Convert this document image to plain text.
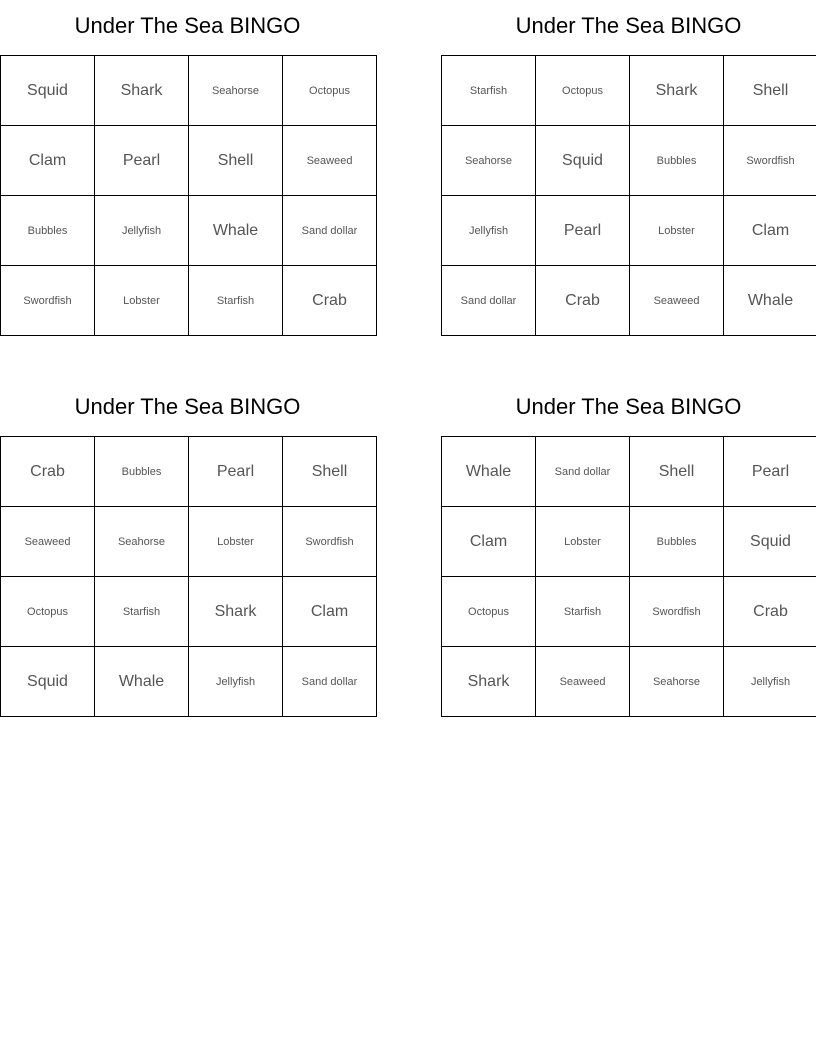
Under The Sea BINGO
Squid	Shark	Seahorse	Octopus
Clam	Pearl	Shell	Seaweed
Bubbles	Jellyfish	Whale	Sand dollar
Swordfish	Lobster	Starfish	Crab
Under The Sea BINGO
Starfish	Octopus	Shark	Shell
Seahorse	Squid	Bubbles	Swordfish
Jellyfish	Pearl	Lobster	Clam
Sand dollar	Crab	Seaweed	Whale
Under The Sea BINGO
Crab	Bubbles	Pearl	Shell
Seaweed	Seahorse	Lobster	Swordfish
Octopus	Starfish	Shark	Clam
Squid	Whale	Jellyfish	Sand dollar
Under The Sea BINGO
Whale	Sand dollar	Shell	Pearl
Clam	Lobster	Bubbles	Squid
Octopus	Starfish	Swordfish	Crab
Shark	Seaweed	Seahorse	Jellyfish
